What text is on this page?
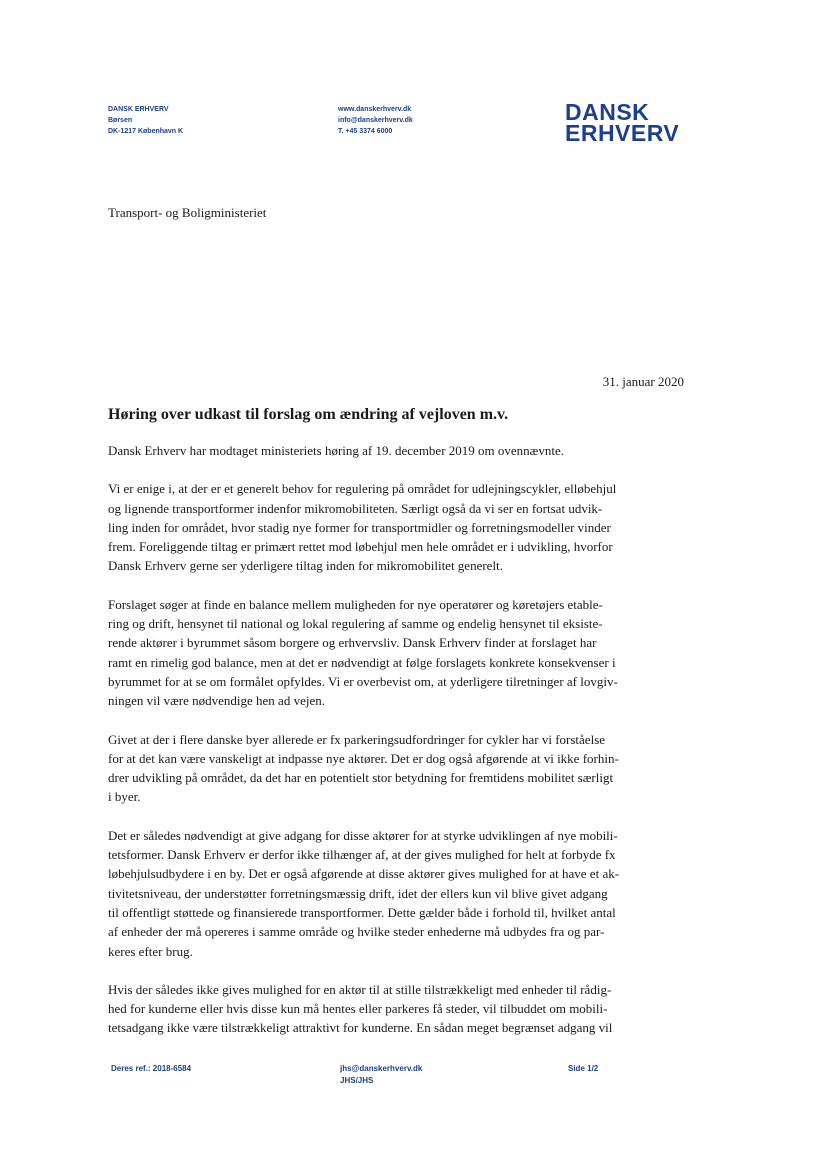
DANSK ERHVERV
Børsen
DK-1217 København K
www.danskerhverv.dk
info@danskerhverv.dk
T. +45 3374 6000
DANSK
ERHVERV
Transport- og Boligministeriet
31. januar 2020
Høring over udkast til forslag om ændring af vejloven m.v.
Dansk Erhverv har modtaget ministeriets høring af 19. december 2019 om ovennævnte.
Vi er enige i, at der er et generelt behov for regulering på området for udlejningscykler, elløbehjul
og lignende transportformer indenfor mikromobiliteten. Særligt også da vi ser en fortsat udvik-
ling inden for området, hvor stadig nye former for transportmidler og forretningsmodeller vinder
frem. Foreliggende tiltag er primært rettet mod løbehjul men hele området er i udvikling, hvorfor
Dansk Erhverv gerne ser yderligere tiltag inden for mikromobilitet generelt.
Forslaget søger at finde en balance mellem muligheden for nye operatører og køretøjers etable-
ring og drift, hensynet til national og lokal regulering af samme og endelig hensynet til eksiste-
rende aktører i byrummet såsom borgere og erhvervsliv. Dansk Erhverv finder at forslaget har
ramt en rimelig god balance, men at det er nødvendigt at følge forslagets konkrete konsekvenser i
byrummet for at se om formålet opfyldes. Vi er overbevist om, at yderligere tilretninger af lovgiv-
ningen vil være nødvendige hen ad vejen.
Givet at der i flere danske byer allerede er fx parkeringsudfordringer for cykler har vi forståelse
for at det kan være vanskeligt at indpasse nye aktører. Det er dog også afgørende at vi ikke forhin-
drer udvikling på området, da det har en potentielt stor betydning for fremtidens mobilitet særligt
i byer.
Det er således nødvendigt at give adgang for disse aktører for at styrke udviklingen af nye mobili-
tetsformer. Dansk Erhverv er derfor ikke tilhænger af, at der gives mulighed for helt at forbyde fx
løbehjulsudbydere i en by. Det er også afgørende at disse aktører gives mulighed for at have et ak-
tivitetsniveau, der understøtter forretningsmæssig drift, idet der ellers kun vil blive givet adgang
til offentligt støttede og finansierede transportformer. Dette gælder både i forhold til, hvilket antal
af enheder der må opereres i samme område og hvilke steder enhederne må udbydes fra og par-
keres efter brug.
Hvis der således ikke gives mulighed for en aktør til at stille tilstrækkeligt med enheder til rådig-
hed for kunderne eller hvis disse kun må hentes eller parkeres få steder, vil tilbuddet om mobili-
tetsadgang ikke være tilstrækkeligt attraktivt for kunderne. En sådan meget begrænset adgang vil
Deres ref.: 2018-6584	jhs@danskerhverv.dk
JHS/JHS
Side 1/2
